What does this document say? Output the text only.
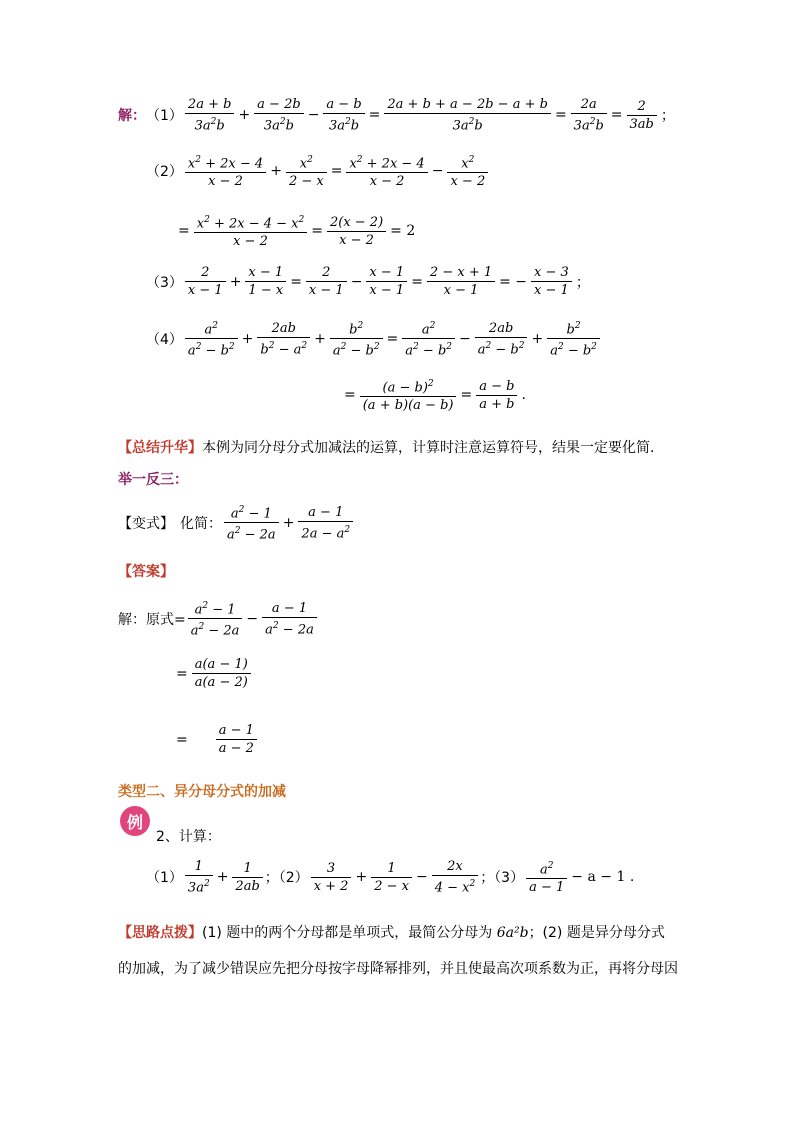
解： $(1) \frac{2a + b}{3a^2b} + \frac{a - 2b}{3a^2b} - \frac{a - b}{3a^2b} = \frac{2a + b + a - 2b - a + b}{3a^2b} = \frac{2a}{3a^2b} = \frac{2}{3ab}$ ；
$(2) \frac{x^2 + 2x - 4}{x - 2} + \frac{x^2}{2 - x} = \frac{x^2 + 2x - 4}{x - 2} - \frac{x^2}{x - 2}$
= $\frac{x^2 + 2x - 4 - x^2}{x - 2} = \frac{2(x - 2)}{x - 2} = 2$
$(3) \frac{2}{x - 1} + \frac{x - 1}{1 - x} = \frac{2}{x - 1} - \frac{x - 1}{x - 1} = \frac{2 - x + 1}{x - 1}$ = − $\frac{x - 3}{x - 1}$ ；
$(4) \frac{a^2}{a^2 - b^2} + \frac{2ab}{b^2 - a^2} + \frac{b^2}{a^2 - b^2} = \frac{a^2}{a^2 - b^2} - \frac{2ab}{a^2 - b^2} + \frac{b^2}{a^2 - b^2}$
= $\frac{(a - b)^2}{(a + b)(a - b)} = \frac{a - b}{a + b}$ .
【总结升华】本例为同分母分式加减法的运算，计算时注意运算符号，结果一定要化简．
举一反三：
【变式】 化简： $\frac{a^2 - 1}{a^2 - 2a} + \frac{a - 1}{2a - a^2}$
【答案】
解：原式= $\frac{a^2 - 1}{a^2 - 2a} - \frac{a - 1}{a^2 - 2a}$
= $\frac{a(a - 1)}{a(a - 2)}$
= $\frac{a - 1}{a - 2}$
类型二、异分母分式的加减
例
2、计算：
$(1) \frac{1}{3a^2} + \frac{1}{2ab}$ ；$(2) \frac{3}{x + 2} + \frac{1}{2 - x} - \frac{2x}{4 - x^2}$ ；$(3) \frac{a^2}{a - 1} - a - 1$ .
【思路点拨】(1) 题中的两个分母都是单项式，最简公分母为 6a²b；(2) 题是异分母分式
的加减，为了减少错误应先把分母按字母降幂排列，并且使最高次项系数为正，再将分母因
